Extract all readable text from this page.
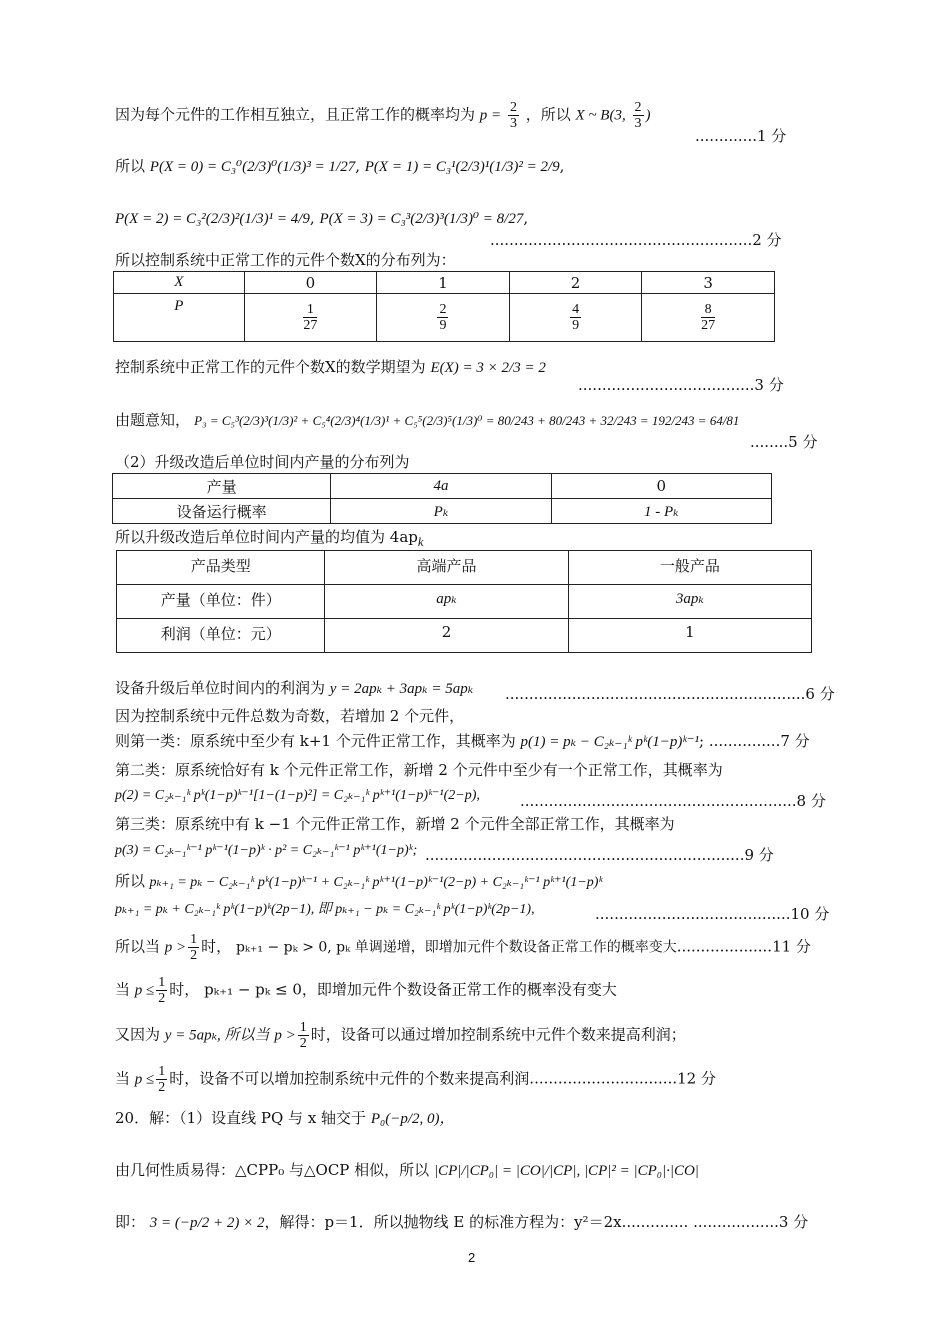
因为每个元件的工作相互独立，且正常工作的概率均为 $p = \frac{2}{3}$ ，所以 X ~ B(3, $\frac{2}{3}$ )
.............1 分
所以 P(X = 0) = C₃⁰(2/3)⁰(1/3)³ = 1/27, P(X = 1) = C₃¹(2/3)¹(1/3)² = 2/9,
P(X = 2) = C₃²(2/3)²(1/3)¹ = 4/9, P(X = 3) = C₃³(2/3)³(1/3)⁰ = 8/27,
.......................................................2 分
所以控制系统中正常工作的元件个数X的分布列为：
X	0	1	2	3
P	$\frac{1}{27}$	$\frac{2}{9}$	$\frac{4}{9}$	$\frac{8}{27}$
控制系统中正常工作的元件个数X的数学期望为 E(X) = 3 × 2/3 = 2
.....................................3 分
由题意知， P₃ = C₅³(2/3)³(1/3)² + C₅⁴(2/3)⁴(1/3)¹ + C₅⁵(2/3)⁵(1/3)⁰ = 80/243 + 80/243 + 32/243 = 192/243 = 64/81
........5 分
（2）升级改造后单位时间内产量的分布列为
产量	4a	0
设备运行概率	Pₖ	1 - Pₖ
所以升级改造后单位时间内产量的均值为 $4ap_k$
产品类型	高端产品	一般产品
产量（单位：件）	apₖ	3apₖ
利润（单位：元）	2	1
设备升级后单位时间内的利润为 y = 2apₖ + 3apₖ = 5apₖ ...............................................................6 分
因为控制系统中元件总数为奇数，若增加 2 个元件，
则第一类：原系统中至少有 k+1 个元件正常工作，其概率为 p(1) = pₖ − C₂ₖ₋₁ᵏ pᵏ(1−p)ᵏ⁻¹; ...............7 分
第二类：原系统恰好有 k 个元件正常工作，新增 2 个元件中至少有一个正常工作，其概率为
p(2) = C₂ₖ₋₁ᵏ pᵏ(1−p)ᵏ⁻¹[1−(1−p)²] = C₂ₖ₋₁ᵏ pᵏ⁺¹(1−p)ᵏ⁻¹(2−p),	..........................................................8 分
第三类：原系统中有 k −1 个元件正常工作，新增 2 个元件全部正常工作，其概率为
p(3) = C₂ₖ₋₁ᵏ⁻¹ pᵏ⁻¹(1−p)ᵏ · p² = C₂ₖ₋₁ᵏ⁻¹ pᵏ⁺¹(1−p)ᵏ; ...................................................................9 分
所以 pₖ₊₁ = pₖ − C₂ₖ₋₁ᵏ pᵏ(1−p)ᵏ⁻¹ + C₂ₖ₋₁ᵏ pᵏ⁺¹(1−p)ᵏ⁻¹(2−p) + C₂ₖ₋₁ᵏ⁻¹ pᵏ⁺¹(1−p)ᵏ
pₖ₊₁ = pₖ + C₂ₖ₋₁ᵏ pᵏ(1−p)ᵏ(2p−1), 即 pₖ₊₁ − pₖ = C₂ₖ₋₁ᵏ pᵏ(1−p)ᵏ(2p−1),	.........................................10 分
所以当 $p > \frac{1}{2}$ 时， pₖ₊₁ − pₖ > 0, pₖ 单调递增，即增加元件个数设备正常工作的概率变大....................11 分
当 $p \le \frac{1}{2}$ 时， pₖ₊₁ − pₖ ≤ 0，即增加元件个数设备正常工作的概率没有变大
又因为 y = 5apₖ, 所以当 $p > \frac{1}{2}$ 时，设备可以通过增加控制系统中元件个数来提高利润；
当 $p \le \frac{1}{2}$ 时，设备不可以增加控制系统中元件的个数来提高利润...............................12 分
20．解：（1）设直线 PQ 与 x 轴交于 P₀(−p/2, 0)，
由几何性质易得：△CPP₀ 与△OCP 相似，所以 |CP|/|CP₀| = |CO|/|CP|, |CP|² = |CP₀|·|CO|
即： 3 = (−p/2 + 2) × 2，解得：p＝1．所以抛物线 E 的标准方程为：y²＝2x.............. ..................3 分
2
